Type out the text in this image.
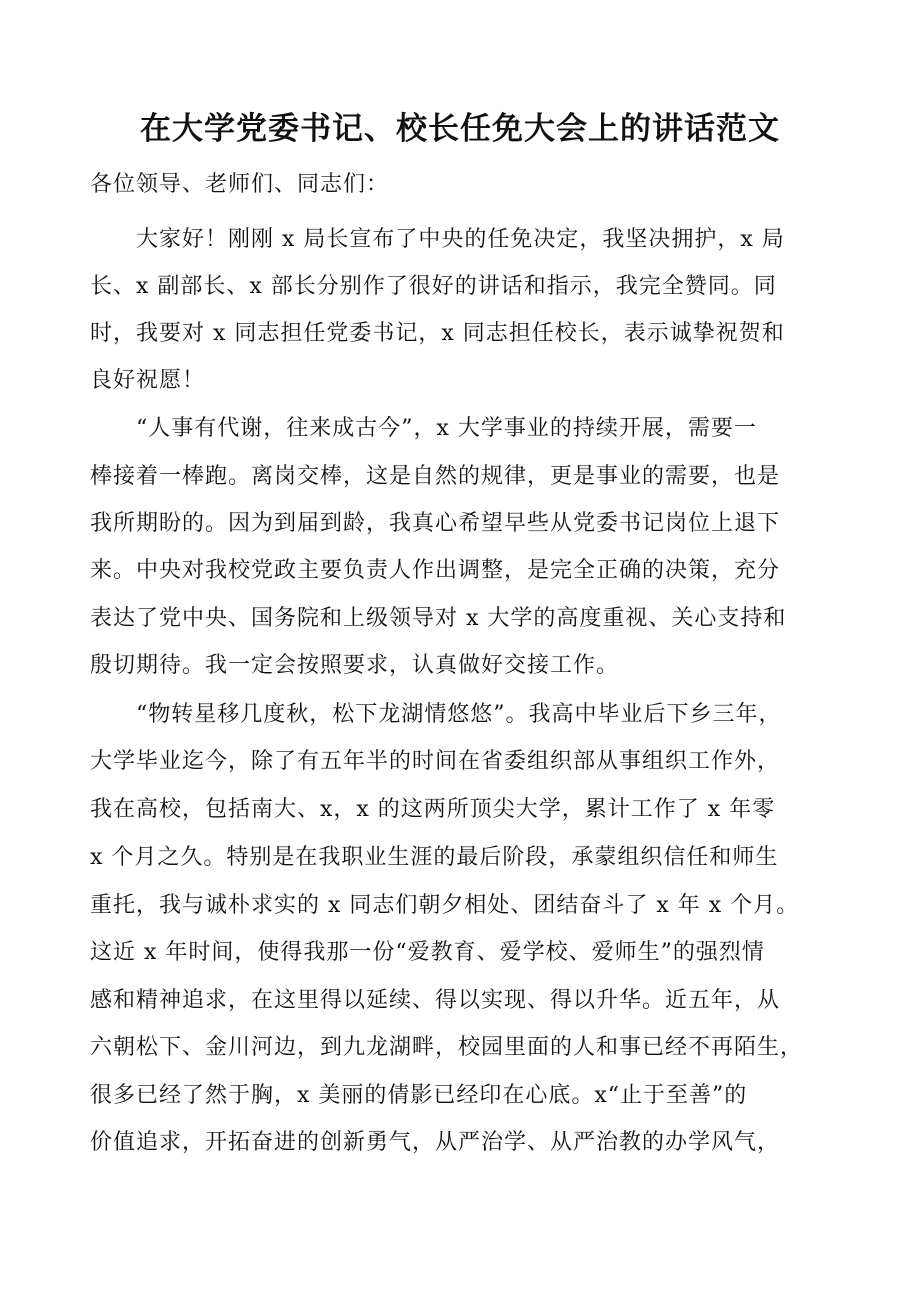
在大学党委书记、校长任免大会上的讲话范文
各位领导、老师们、同志们：
　　大家好！刚刚 x 局长宣布了中央的任免决定，我坚决拥护，x 局
长、x 副部长、x 部长分别作了很好的讲话和指示，我完全赞同。同
时，我要对 x 同志担任党委书记，x 同志担任校长，表示诚挚祝贺和
良好祝愿！
　　“人事有代谢，往来成古今”，x 大学事业的持续开展，需要一
棒接着一棒跑。离岗交棒，这是自然的规律，更是事业的需要，也是
我所期盼的。因为到届到龄，我真心希望早些从党委书记岗位上退下
来。中央对我校党政主要负责人作出调整，是完全正确的决策，充分
表达了党中央、国务院和上级领导对 x 大学的高度重视、关心支持和
殷切期待。我一定会按照要求，认真做好交接工作。
　　“物转星移几度秋，松下龙湖情悠悠”。我高中毕业后下乡三年，
大学毕业迄今，除了有五年半的时间在省委组织部从事组织工作外，
我在高校，包括南大、x，x 的这两所顶尖大学，累计工作了 x 年零
x 个月之久。特别是在我职业生涯的最后阶段，承蒙组织信任和师生
重托，我与诚朴求实的 x 同志们朝夕相处、团结奋斗了 x 年 x 个月。
这近 x 年时间，使得我那一份“爱教育、爱学校、爱师生”的强烈情
感和精神追求，在这里得以延续、得以实现、得以升华。近五年，从
六朝松下、金川河边，到九龙湖畔，校园里面的人和事已经不再陌生，
很多已经了然于胸，x 美丽的倩影已经印在心底。x“止于至善”的
价值追求，开拓奋进的创新勇气，从严治学、从严治教的办学风气，
